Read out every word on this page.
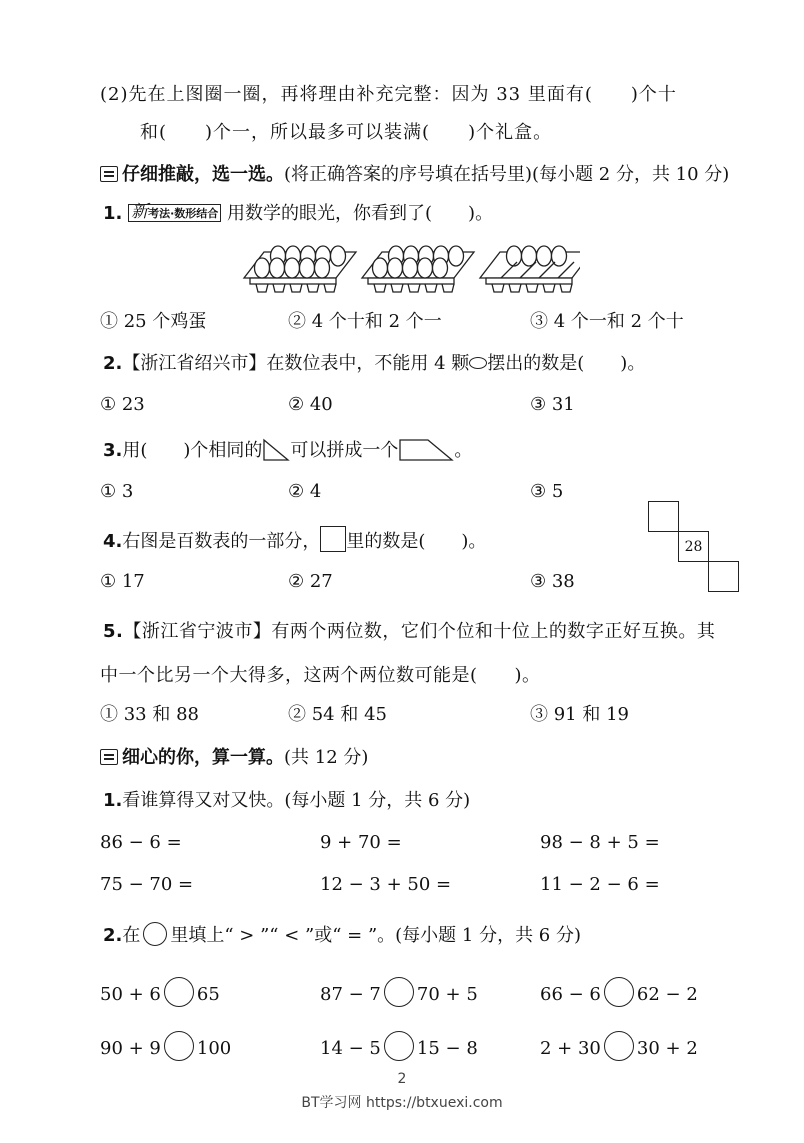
(2)先在上图圈一圈，再将理由补充完整：因为 33 里面有(　　)个十
和(　　)个一，所以最多可以装满(　　)个礼盒。
仔细推敲，选一选。(将正确答案的序号填在括号里)(每小题 2 分，共 10 分)
1. 新考法·数形结合 用数学的眼光，你看到了(　　)。
① 25 个鸡蛋	② 4 个十和 2 个一	③ 4 个一和 2 个十
2.【浙江省绍兴市】在数位表中，不能用 4 颗 摆出的数是(　　)。
① 23	② 40	③ 31
3.用(　　)个相同的 可以拼成一个	。
① 3	② 4	③ 5
4.右图是百数表的一部分， 里的数是(　　)。	28
① 17	② 27	③ 38
5.【浙江省宁波市】有两个两位数，它们个位和十位上的数字正好互换。其
中一个比另一个大得多，这两个两位数可能是(　　)。
① 33 和 88	② 54 和 45	③ 91 和 19
细心的你，算一算。(共 12 分)
1.看谁算得又对又快。(每小题 1 分，共 6 分)
86 − 6 =	9 + 70 =	98 − 8 + 5 =
75 − 70 =	12 − 3 + 50 =	11 − 2 − 6 =
2.在 里填上“ > ”“ < ”或“ = ”。(每小题 1 分，共 6 分)
50 + 6 65	87 − 7 70 + 5	66 − 6 62 − 2
90 + 9 100	14 − 5 15 − 8	2 + 30 30 + 2
2
BT学习网 https://btxuexi.com
